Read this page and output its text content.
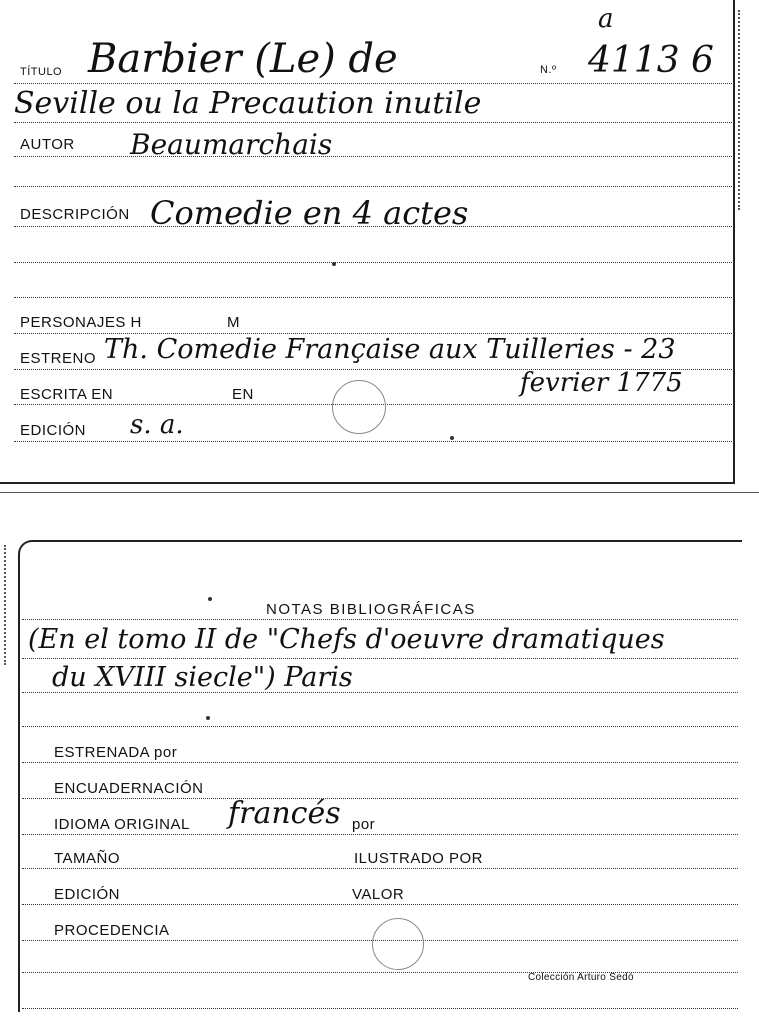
a
TÍTULO Barbier (Le) de	N.º 4113 6
Seville ou la Precaution inutile
AUTOR Beaumarchais
DESCRIPCIÓN Comedie en 4 actes
PERSONAJES H	M
ESTRENO Th. Comedie Française aux Tuilleries - 23
ESCRITA EN	EN	fevrier 1775
EDICIÓN s. a.
NOTAS BIBLIOGRÁFICAS
(En el tomo II de "Chefs d'oeuvre dramatiques
du XVIII siecle") Paris
ESTRENADA por
ENCUADERNACIÓN
IDIOMA ORIGINAL francés por
TAMAÑO	ILUSTRADO POR
EDICIÓN	VALOR
PROCEDENCIA
Colección Arturo Sedó
